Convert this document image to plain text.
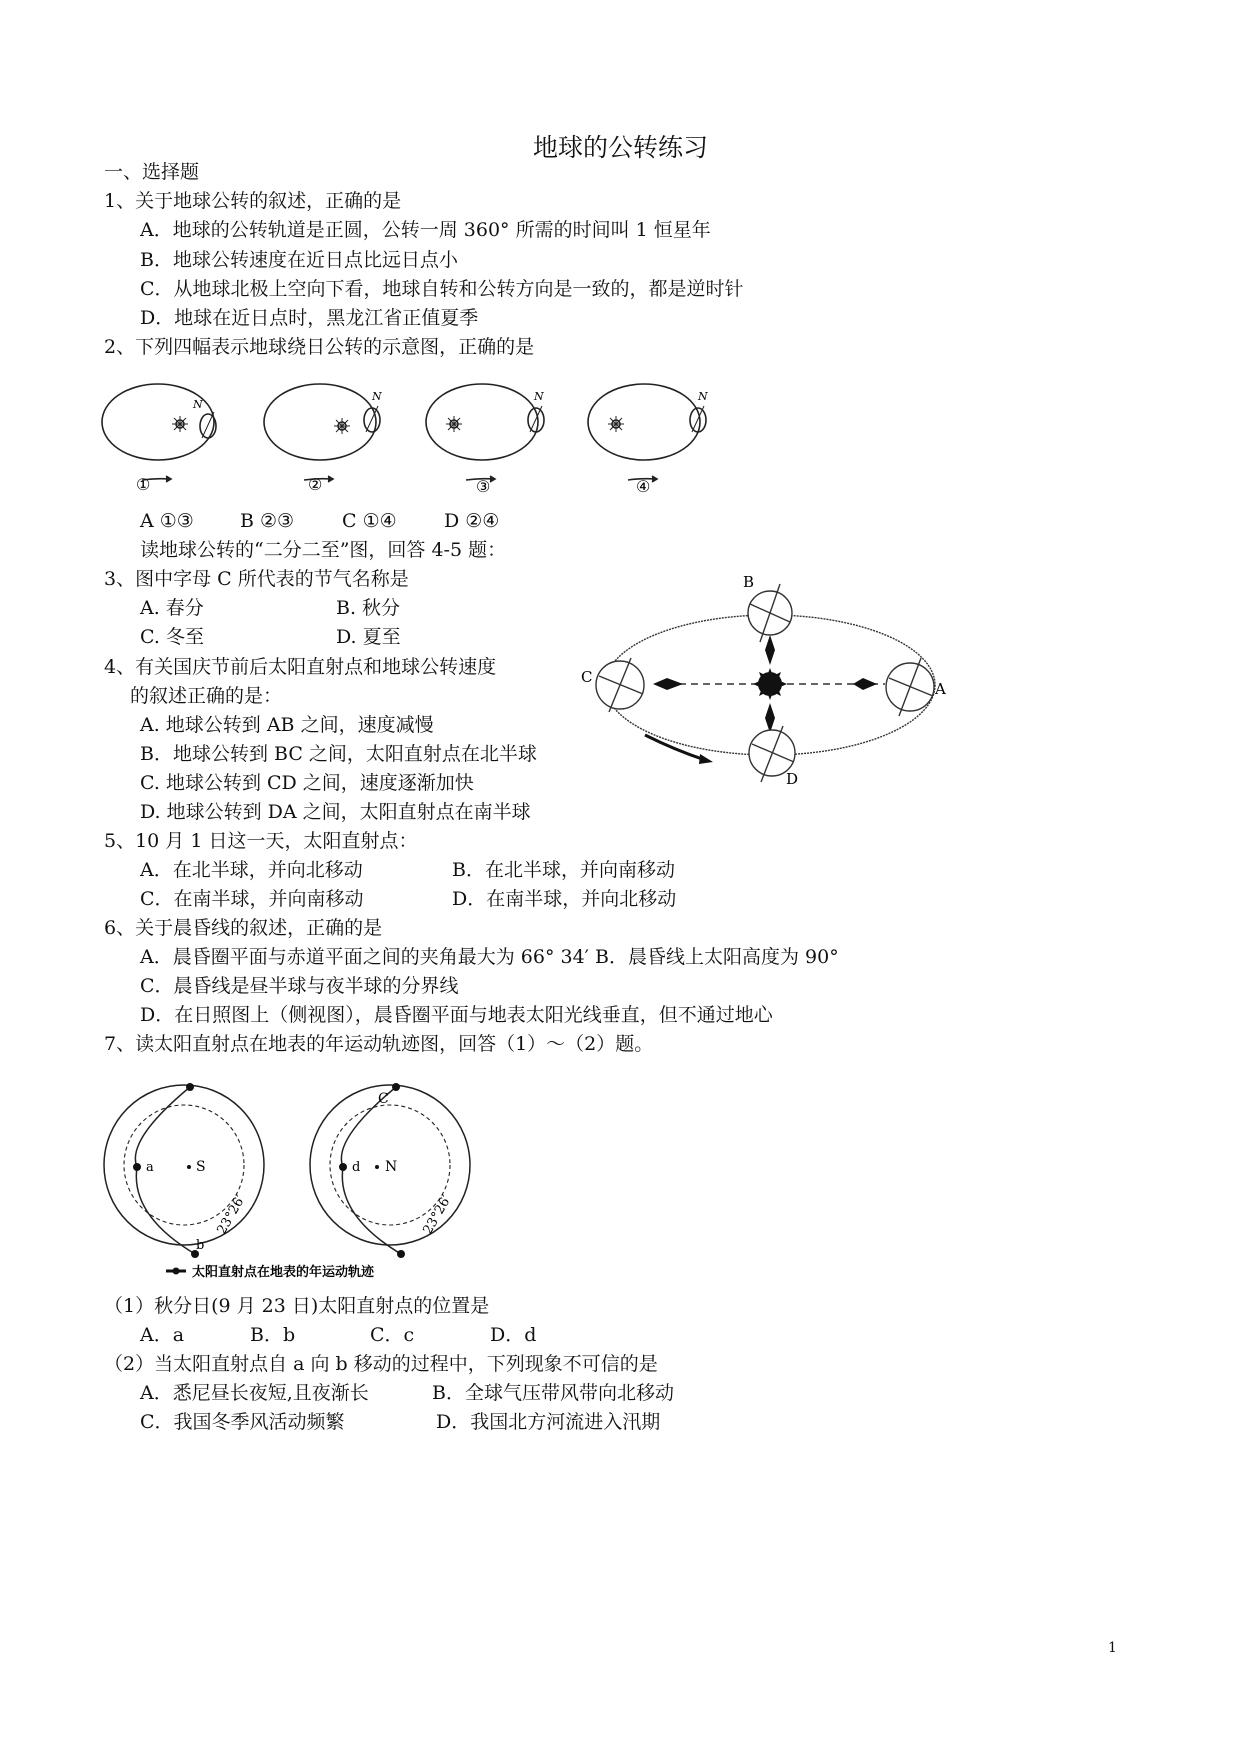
地球的公转练习
一、选择题
1、关于地球公转的叙述，正确的是
A．地球的公转轨道是正圆，公转一周 360° 所需的时间叫 1 恒星年
B．地球公转速度在近日点比远日点小
C．从地球北极上空向下看，地球自转和公转方向是一致的，都是逆时针
D．地球在近日点时，黑龙江省正值夏季
2、下列四幅表示地球绕日公转的示意图，正确的是
N
①
N
②
N
③
N
④
A ①③ B ②③	C ①④ D ②④
读地球公转的“二分二至”图，回答 4-5 题：
3、图中字母 C 所代表的节气名称是
A. 春分	B. 秋分
C. 冬至	D. 夏至
B
C
A
D
4、有关国庆节前后太阳直射点和地球公转速度
的叙述正确的是：
A. 地球公转到 AB 之间，速度减慢
B．地球公转到 BC 之间，太阳直射点在北半球
C. 地球公转到 CD 之间，速度逐渐加快
D. 地球公转到 DA 之间，太阳直射点在南半球
5、10 月 1 日这一天，太阳直射点：
A．在北半球，并向北移动	B．在北半球，并向南移动
C．在南半球，并向南移动	D．在南半球，并向北移动
6、关于晨昏线的叙述，正确的是
A．晨昏圈平面与赤道平面之间的夹角最大为 66° 34′ B．晨昏线上太阳高度为 90°
C．晨昏线是昼半球与夜半球的分界线
D．在日照图上（侧视图），晨昏圈平面与地表太阳光线垂直，但不通过地心
7、读太阳直射点在地表的年运动轨迹图，回答（1）～（2）题。
a	S
b
23°26′
C
d N
23°26′
太阳直射点在地表的年运动轨迹
（1）秋分日(9 月 23 日)太阳直射点的位置是
A．a	B．b	C．c	D．d
（2）当太阳直射点自 a 向 b 移动的过程中，下列现象不可信的是
A．悉尼昼长夜短,且夜渐长	B．全球气压带风带向北移动
C．我国冬季风活动频繁	D．我国北方河流进入汛期
1
